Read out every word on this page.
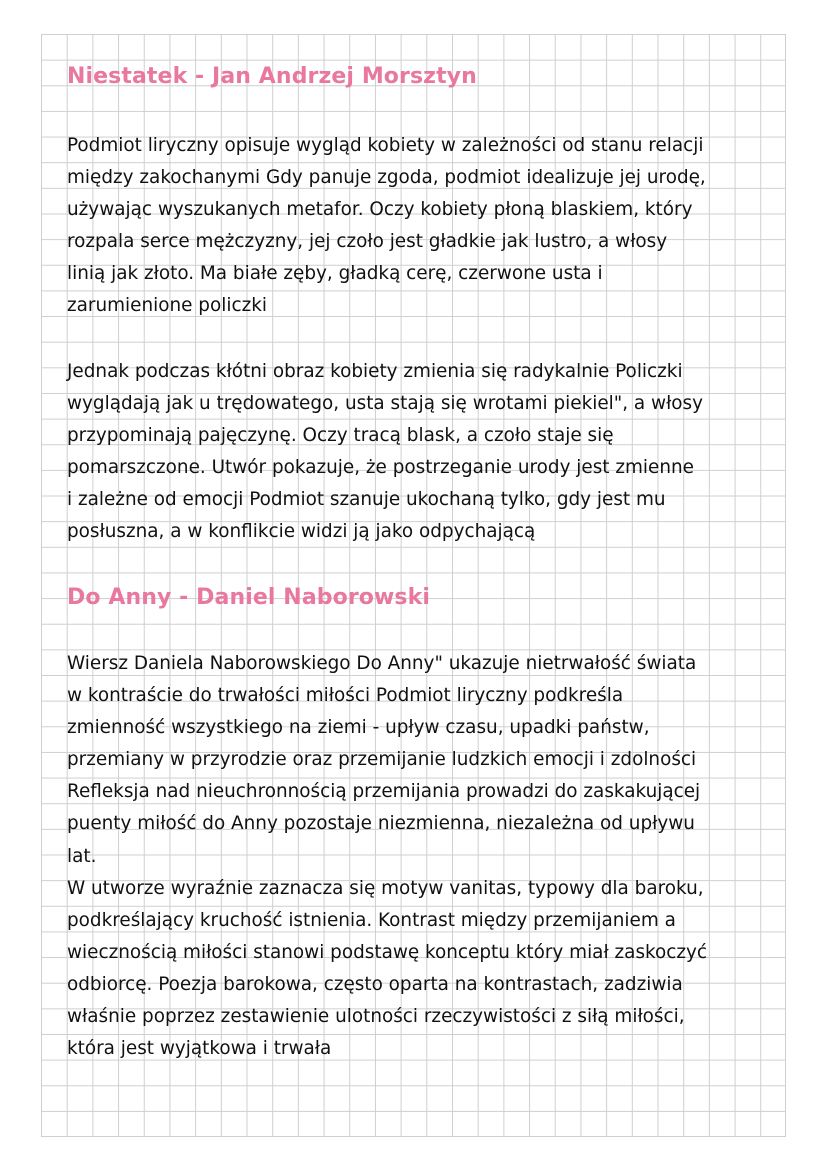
Niestatek - Jan Andrzej Morsztyn
Podmiot liryczny opisuje wygląd kobiety w zależności od stanu relacji
między zakochanymi Gdy panuje zgoda, podmiot idealizuje jej urodę,
używając wyszukanych metafor. Oczy kobiety płoną blaskiem, który
rozpala serce mężczyzny, jej czoło jest gładkie jak lustro, a włosy
linią jak złoto. Ma białe zęby, gładką cerę, czerwone usta i
zarumienione policzki
Jednak podczas kłótni obraz kobiety zmienia się radykalnie Policzki
wyglądają jak u trędowatego, usta stają się wrotami piekiel", a włosy
przypominają pajęczynę. Oczy tracą blask, a czoło staje się
pomarszczone. Utwór pokazuje, że postrzeganie urody jest zmienne
i zależne od emocji Podmiot szanuje ukochaną tylko, gdy jest mu
posłuszna, a w konflikcie widzi ją jako odpychającą
Do Anny - Daniel Naborowski
Wiersz Daniela Naborowskiego Do Anny" ukazuje nietrwałość świata
w kontraście do trwałości miłości Podmiot liryczny podkreśla
zmienność wszystkiego na ziemi - upływ czasu, upadki państw,
przemiany w przyrodzie oraz przemijanie ludzkich emocji i zdolności
Refleksja nad nieuchronnością przemijania prowadzi do zaskakującej
puenty miłość do Anny pozostaje niezmienna, niezależna od upływu
lat.
W utworze wyraźnie zaznacza się motyw vanitas, typowy dla baroku,
podkreślający kruchość istnienia. Kontrast między przemijaniem a
wiecznością miłości stanowi podstawę konceptu który miał zaskoczyć
odbiorcę. Poezja barokowa, często oparta na kontrastach, zadziwia
właśnie poprzez zestawienie ulotności rzeczywistości z siłą miłości,
która jest wyjątkowa i trwała
